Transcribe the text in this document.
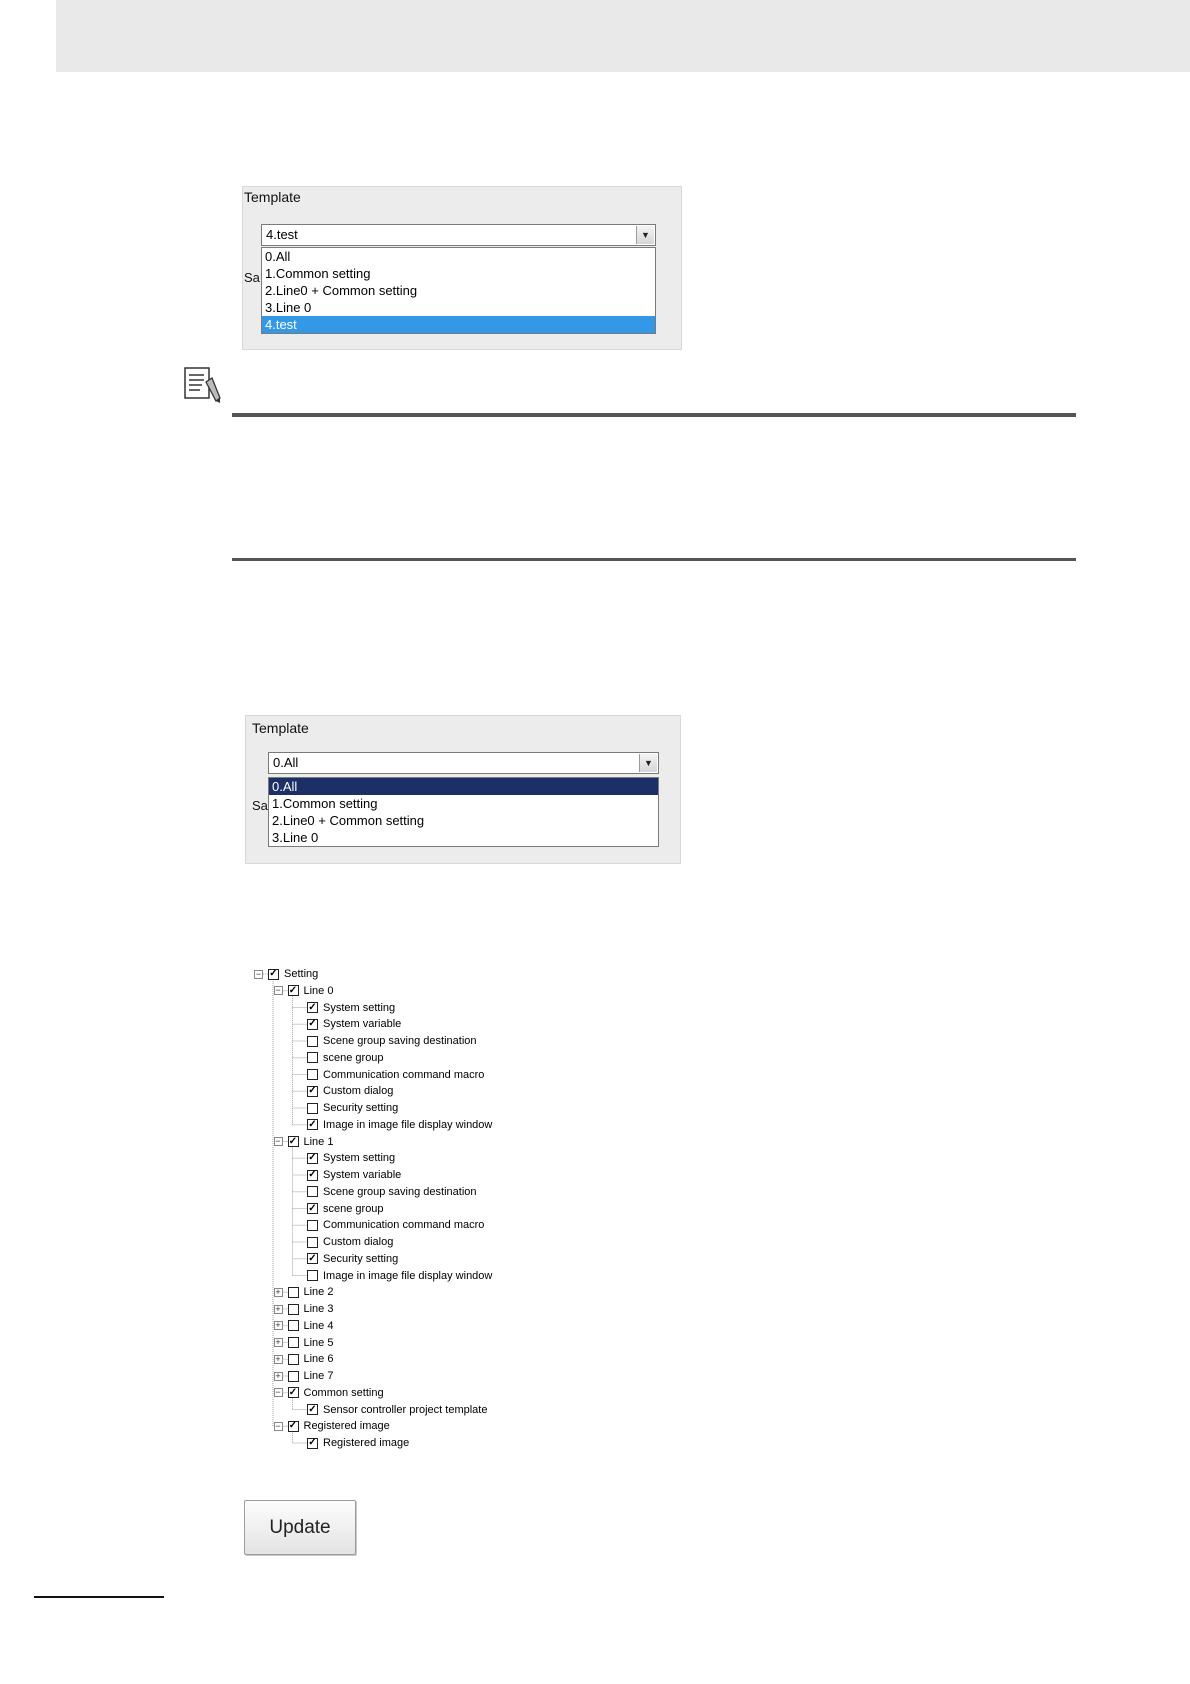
Template
Sa
4.test	▼
0.All
1.Common setting
2.Line0 + Common setting
3.Line 0
4.test
Template
Sa
0.All	▼
0.All
1.Common setting
2.Line0 + Common setting
3.Line 0
✓ Setting
−
✓ Line 0
−
✓ System setting
✓ System variable
Scene group saving destination
scene group
Communication command macro
✓ Custom dialog
Security setting
✓ Image in image file display window
✓ Line 1
−
✓ System setting
✓ System variable
Scene group saving destination
✓ scene group
Communication command macro
Custom dialog
✓ Security setting
Image in image file display window
Line 2
+
Line 3
+
Line 4
+
Line 5
+
Line 6
+
Line 7
+
✓ Common setting
−
✓ Sensor controller project template
✓ Registered image
−
✓ Registered image
Update
